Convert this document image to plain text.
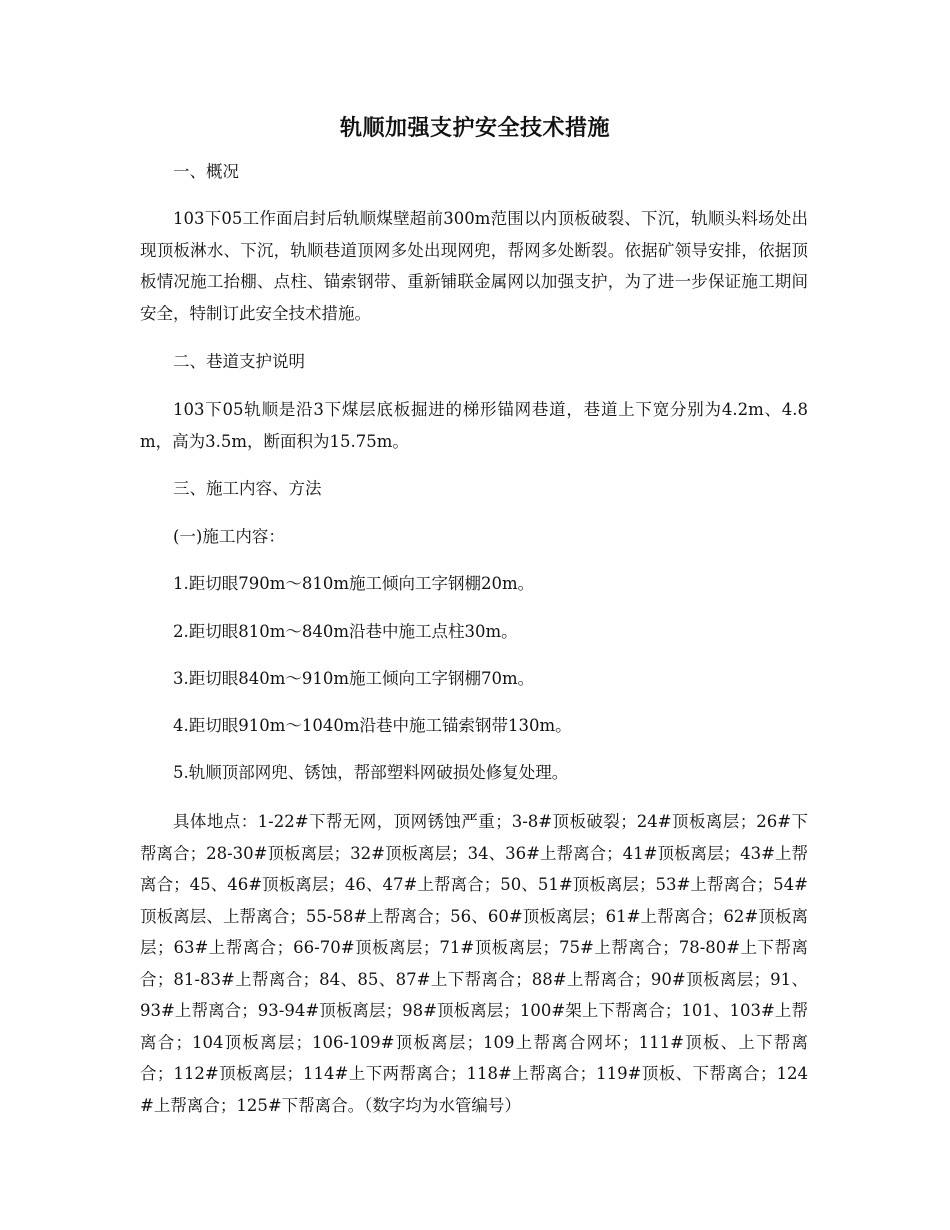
轨顺加强支护安全技术措施

一、概况

103下05工作面启封后轨顺煤壁超前300m范围以内顶板破裂、下沉，轨顺头料场处出现顶板淋水、下沉，轨顺巷道顶网多处出现网兜，帮网多处断裂。依据矿领导安排，依据顶板情况施工抬棚、点柱、锚索钢带、重新铺联金属网以加强支护，为了进一步保证施工期间安全，特制订此安全技术措施。

二、巷道支护说明

103下05轨顺是沿3下煤层底板掘进的梯形锚网巷道，巷道上下宽分别为4.2m、4.8m，高为3.5m，断面积为15.75m。

三、施工内容、方法

(一)施工内容：

1.距切眼790m～810m施工倾向工字钢棚20m。

2.距切眼810m～840m沿巷中施工点柱30m。

3.距切眼840m～910m施工倾向工字钢棚70m。

4.距切眼910m～1040m沿巷中施工锚索钢带130m。

5.轨顺顶部网兜、锈蚀，帮部塑料网破损处修复处理。

具体地点：1-22#下帮无网，顶网锈蚀严重；3-8#顶板破裂；24#顶板离层；26#下帮离合；28-30#顶板离层；32#顶板离层；34、36#上帮离合；41#顶板离层；43#上帮离合；45、46#顶板离层；46、47#上帮离合；50、51#顶板离层；53#上帮离合；54#顶板离层、上帮离合；55-58#上帮离合；56、60#顶板离层；61#上帮离合；62#顶板离层；63#上帮离合；66-70#顶板离层；71#顶板离层；75#上帮离合；78-80#上下帮离合；81-83#上帮离合；84、85、87#上下帮离合；88#上帮离合；90#顶板离层；91、93#上帮离合；93-94#顶板离层；98#顶板离层；100#架上下帮离合；101、103#上帮离合；104顶板离层；106-109#顶板离层；109上帮离合网坏；111#顶板、上下帮离合；112#顶板离层；114#上下两帮离合；118#上帮离合；119#顶板、下帮离合；124#上帮离合；125#下帮离合。（数字均为水管编号）
